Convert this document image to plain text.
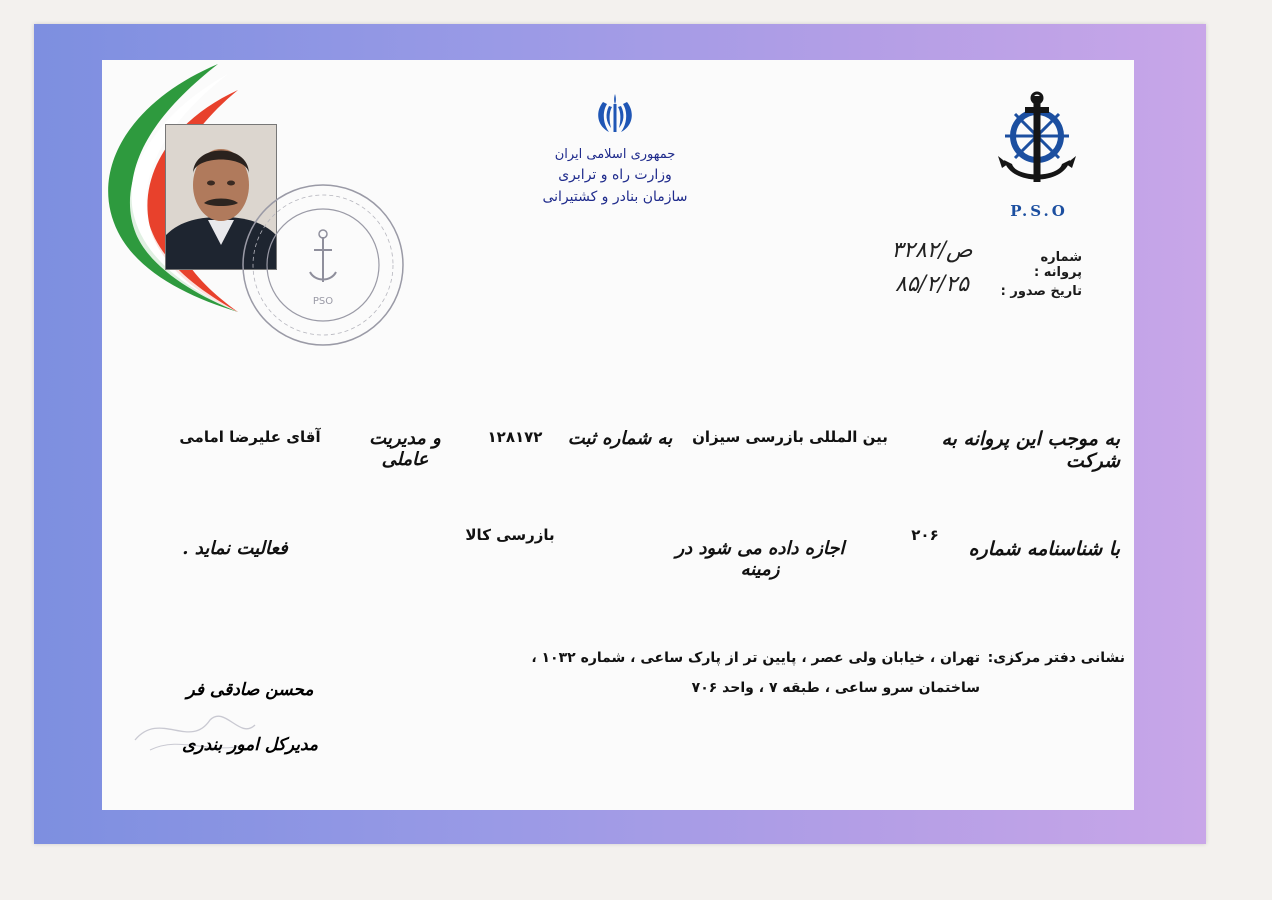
PSO
جمهوری اسلامی ایران
وزارت راه و ترابری
سازمان بنادر و کشتیرانی
P.S.O
شماره پروانه :
۳۲۸۲/ص
تاریخ صدور :
۸۵/۲/۲۵
به موجب این پروانه به شرکت
بین المللی بازرسی سیزان
به شماره ثبت
۱۲۸۱۷۲
و مدیریت عاملی
آقای علیرضا امامی
با شناسنامه شماره
۲۰۶
اجازه داده می شود در زمینه
بازرسی کالا
فعالیت نماید .
نشانی دفتر مرکزی:
تهران ، خیابان ولی عصر ، پایین تر از پارک ساعی ، شماره ۱۰۳۲ ،
ساختمان سرو ساعی ، طبقه ۷ ، واحد ۷۰۶
محسن صادقی فر
مدیرکل امور بندری
